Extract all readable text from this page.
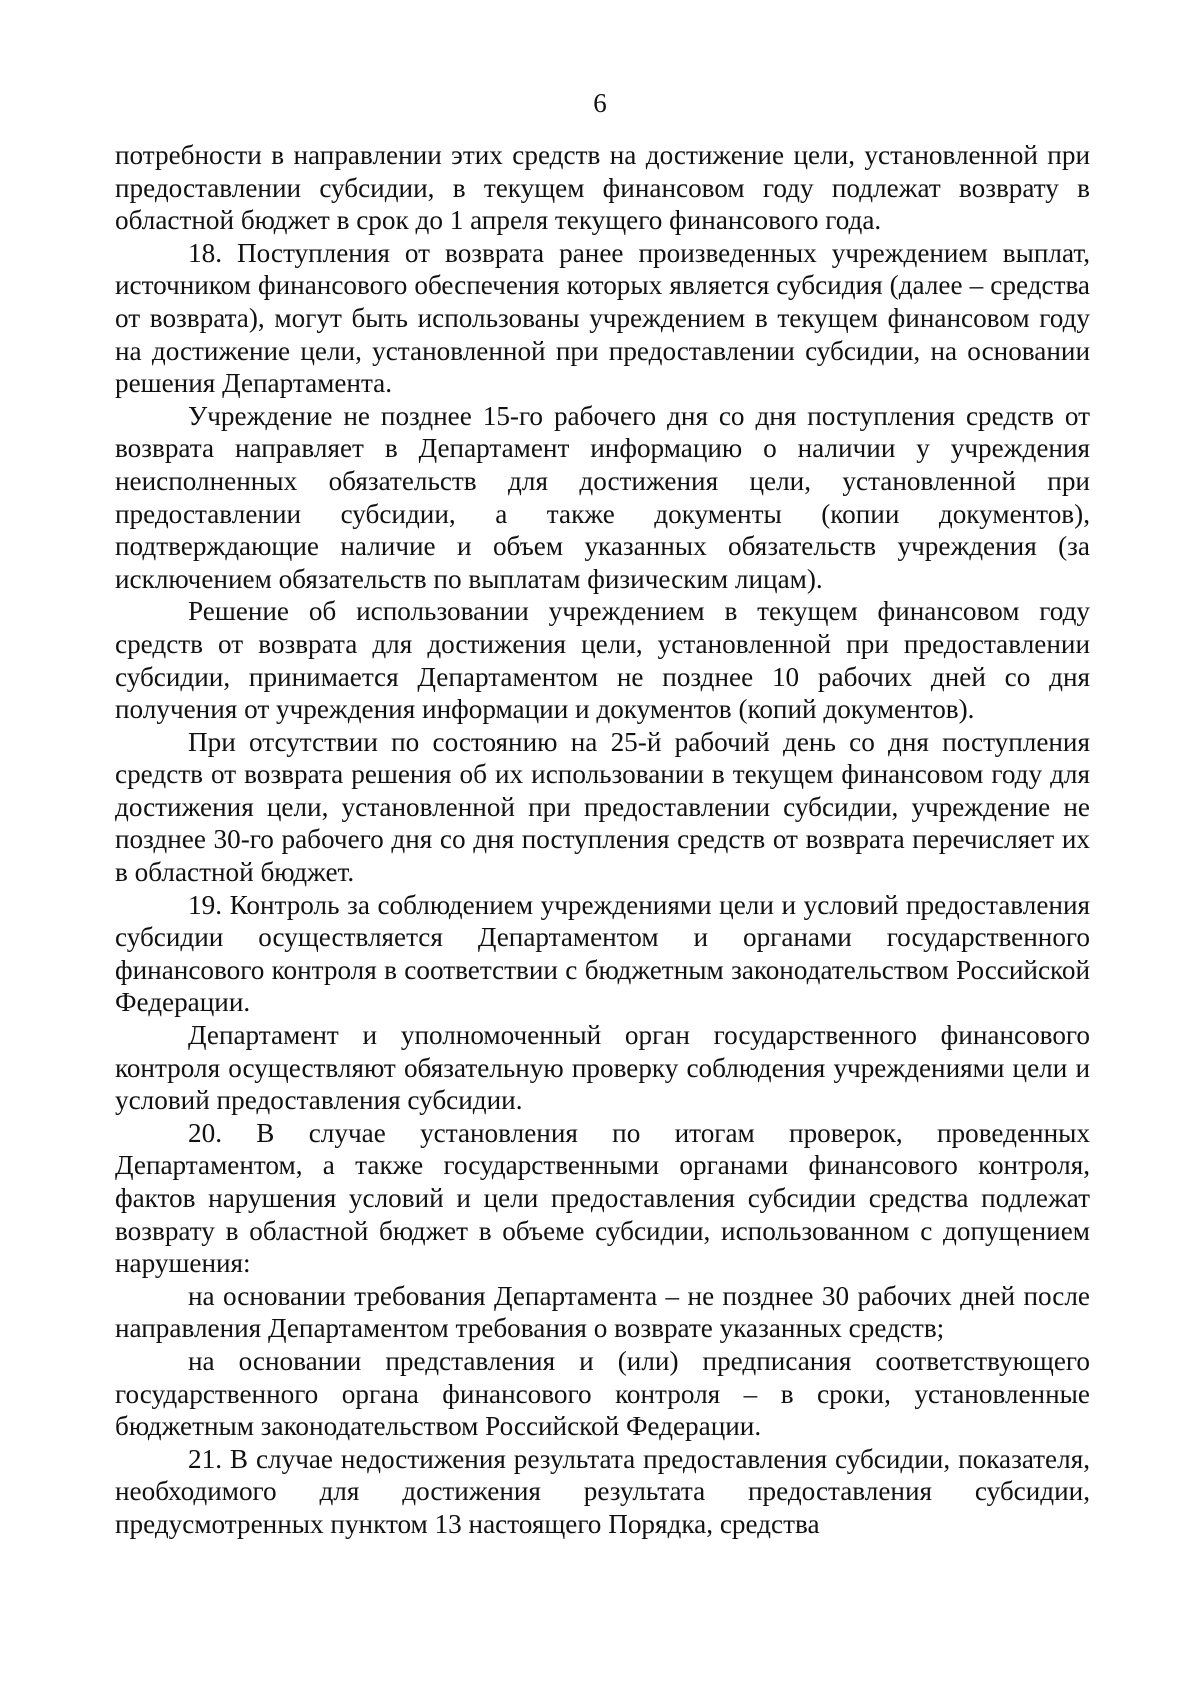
6

потребности в направлении этих средств на достижение цели, установленной при предоставлении субсидии, в текущем финансовом году подлежат возврату в областной бюджет в срок до 1 апреля текущего финансового года.

18. Поступления от возврата ранее произведенных учреждением выплат, источником финансового обеспечения которых является субсидия (далее – средства от возврата), могут быть использованы учреждением в текущем финансовом году на достижение цели, установленной при предоставлении субсидии, на основании решения Департамента.

Учреждение не позднее 15-го рабочего дня со дня поступления средств от возврата направляет в Департамент информацию о наличии у учреждения неисполненных обязательств для достижения цели, установленной при предоставлении субсидии, а также документы (копии документов), подтверждающие наличие и объем указанных обязательств учреждения (за исключением обязательств по выплатам физическим лицам).

Решение об использовании учреждением в текущем финансовом году средств от возврата для достижения цели, установленной при предоставлении субсидии, принимается Департаментом не позднее 10 рабочих дней со дня получения от учреждения информации и документов (копий документов).

При отсутствии по состоянию на 25-й рабочий день со дня поступления средств от возврата решения об их использовании в текущем финансовом году для достижения цели, установленной при предоставлении субсидии, учреждение не позднее 30-го рабочего дня со дня поступления средств от возврата перечисляет их в областной бюджет.

19. Контроль за соблюдением учреждениями цели и условий предоставления субсидии осуществляется Департаментом и органами государственного финансового контроля в соответствии с бюджетным законодательством Российской Федерации.

Департамент и уполномоченный орган государственного финансового контроля осуществляют обязательную проверку соблюдения учреждениями цели и условий предоставления субсидии.

20. В случае установления по итогам проверок, проведенных Департаментом, а также государственными органами финансового контроля, фактов нарушения условий и цели предоставления субсидии средства подлежат возврату в областной бюджет в объеме субсидии, использованном с допущением нарушения:

на основании требования Департамента – не позднее 30 рабочих дней после направления Департаментом требования о возврате указанных средств;

на основании представления и (или) предписания соответствующего государственного органа финансового контроля – в сроки, установленные бюджетным законодательством Российской Федерации.

21. В случае недостижения результата предоставления субсидии, показателя, необходимого для достижения результата предоставления субсидии, предусмотренных пунктом 13 настоящего Порядка, средства
